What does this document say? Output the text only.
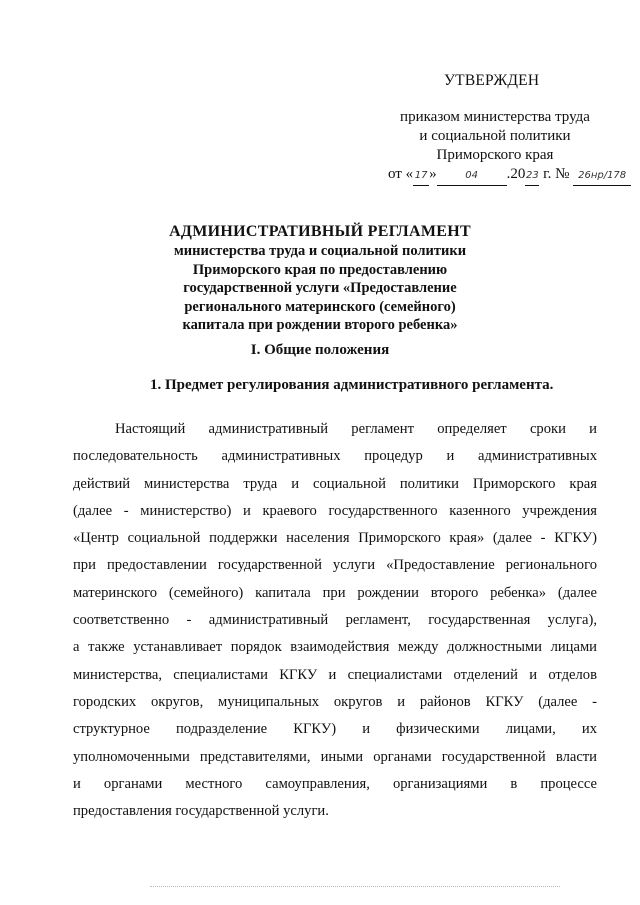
УТВЕРЖДЕН
приказом министерства труда
и социальной политики
Приморского края
от « 17 »	04 .2023 г. № 26нр/178
АДМИНИСТРАТИВНЫЙ РЕГЛАМЕНТ
министерства труда и социальной политики
Приморского края по предоставлению
государственной услуги «Предоставление
регионального материнского (семейного)
капитала при рождении второго ребенка»
I. Общие положения
1. Предмет регулирования административного регламента.
Настоящий административный регламент определяет сроки и
последовательность административных процедур и административных
действий министерства труда и социальной политики Приморского края
(далее - министерство) и краевого государственного казенного учреждения
«Центр социальной поддержки населения Приморского края» (далее - КГКУ)
при предоставлении государственной услуги «Предоставление регионального
материнского (семейного) капитала при рождении второго ребенка» (далее
соответственно - административный регламент, государственная услуга),
а также устанавливает порядок взаимодействия между должностными лицами
министерства, специалистами КГКУ и специалистами отделений и отделов
городских округов, муниципальных округов и районов КГКУ (далее -
структурное подразделение КГКУ) и физическими лицами, их
уполномоченными представителями, иными органами государственной власти
и органами местного самоуправления, организациями в процессе
предоставления государственной услуги.
